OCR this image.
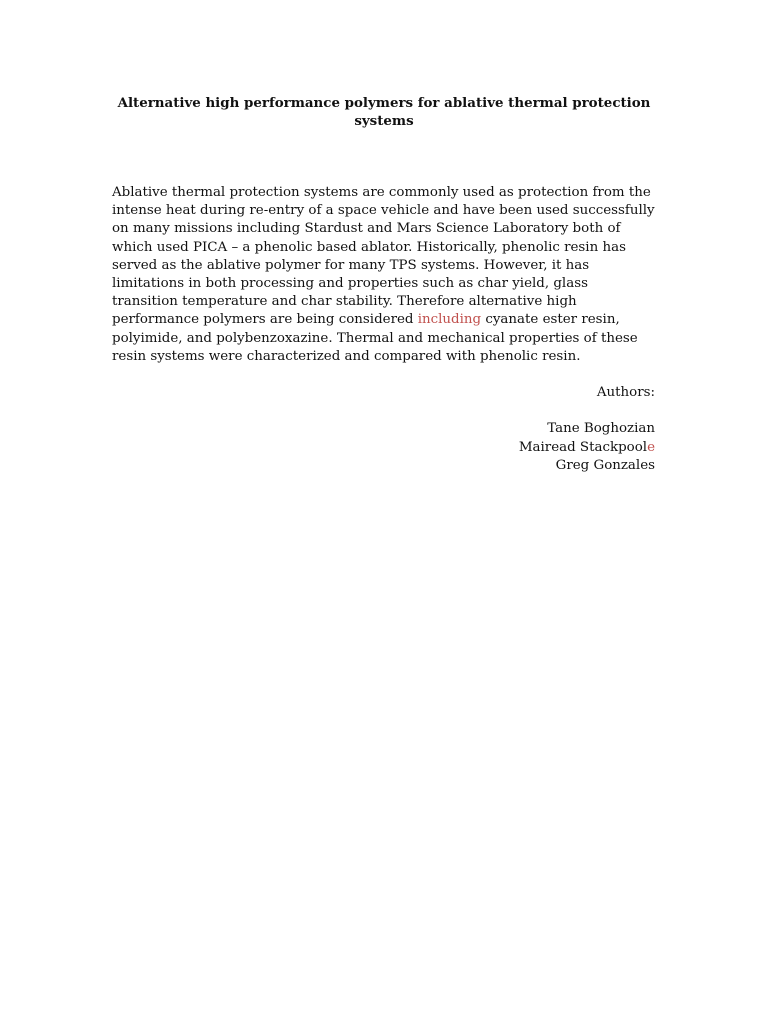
Alternative high performance polymers for ablative thermal protection systems

Ablative thermal protection systems are commonly used as protection from the intense heat during re-entry of a space vehicle and have been used successfully on many missions including Stardust and Mars Science Laboratory both of which used PICA – a phenolic based ablator. Historically, phenolic resin has served as the ablative polymer for many TPS systems. However, it has limitations in both processing and properties such as char yield, glass transition temperature and char stability. Therefore alternative high performance polymers are being considered including cyanate ester resin, polyimide, and polybenzoxazine. Thermal and mechanical properties of these resin systems were characterized and compared with phenolic resin.

Authors:

Tane Boghozian
Mairead Stackpoole
Greg Gonzales
